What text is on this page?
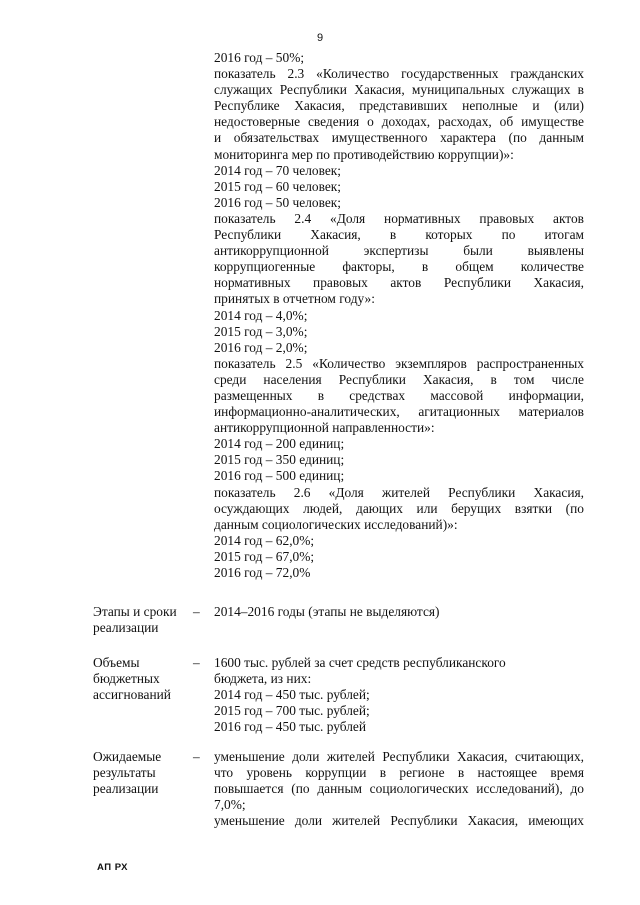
9
2016 год – 50%;
показатель 2.3 «Количество государственных гражданских
служащих Республики Хакасия, муниципальных служащих в
Республике Хакасия, представивших неполные и (или)
недостоверные сведения о доходах, расходах, об имуществе
и обязательствах имущественного характера (по данным
мониторинга мер по противодействию коррупции)»:
2014 год – 70 человек;
2015 год – 60 человек;
2016 год – 50 человек;
показатель 2.4 «Доля нормативных правовых актов
Республики Хакасия, в которых по итогам
антикоррупционной экспертизы были выявлены
коррупциогенные факторы, в общем количестве
нормативных правовых актов Республики Хакасия,
принятых в отчетном году»:
2014 год – 4,0%;
2015 год – 3,0%;
2016 год – 2,0%;
показатель 2.5 «Количество экземпляров распространенных
среди населения Республики Хакасия, в том числе
размещенных в средствах массовой информации,
информационно-аналитических, агитационных материалов
антикоррупционной направленности»:
2014 год – 200 единиц;
2015 год – 350 единиц;
2016 год – 500 единиц;
показатель 2.6 «Доля жителей Республики Хакасия,
осуждающих людей, дающих или берущих взятки (по
данным социологических исследований)»:
2014 год – 62,0%;
2015 год – 67,0%;
2016 год – 72,0%
Этапы и сроки
реализации
– 2014–2016 годы (этапы не выделяются)
Объемы
бюджетных
ассигнований
– 1600 тыс. рублей за счет средств республиканского
бюджета, из них:
2014 год – 450 тыс. рублей;
2015 год – 700 тыс. рублей;
2016 год – 450 тыс. рублей
Ожидаемые
результаты
реализации
– уменьшение доли жителей Республики Хакасия, считающих,
что уровень коррупции в регионе в настоящее время
повышается (по данным социологических исследований), до
7,0%;
уменьшение доли жителей Республики Хакасия, имеющих
АП РХ
